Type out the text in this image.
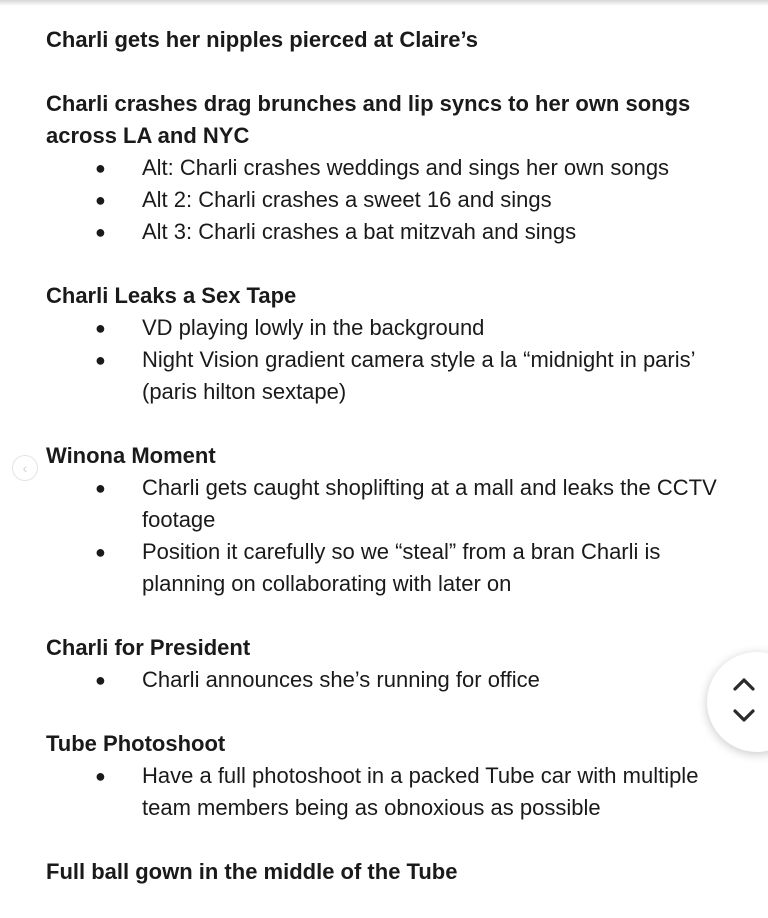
Charli gets her nipples pierced at Claire’s

Charli crashes drag brunches and lip syncs to her own songs across LA and NYC

● Alt: Charli crashes weddings and sings her own songs
● Alt 2: Charli crashes a sweet 16 and sings
● Alt 3: Charli crashes a bat mitzvah and sings

Charli Leaks a Sex Tape

● VD playing lowly in the background
● Night Vision gradient camera style a la “midnight in paris’ (paris hilton sextape)

Winona Moment

● Charli gets caught shoplifting at a mall and leaks the CCTV footage
● Position it carefully so we “steal” from a bran Charli is planning on collaborating with later on

Charli for President

● Charli announces she’s running for office

Tube Photoshoot

● Have a full photoshoot in a packed Tube car with multiple team members being as obnoxious as possible

Full ball gown in the middle of the Tube

‹
